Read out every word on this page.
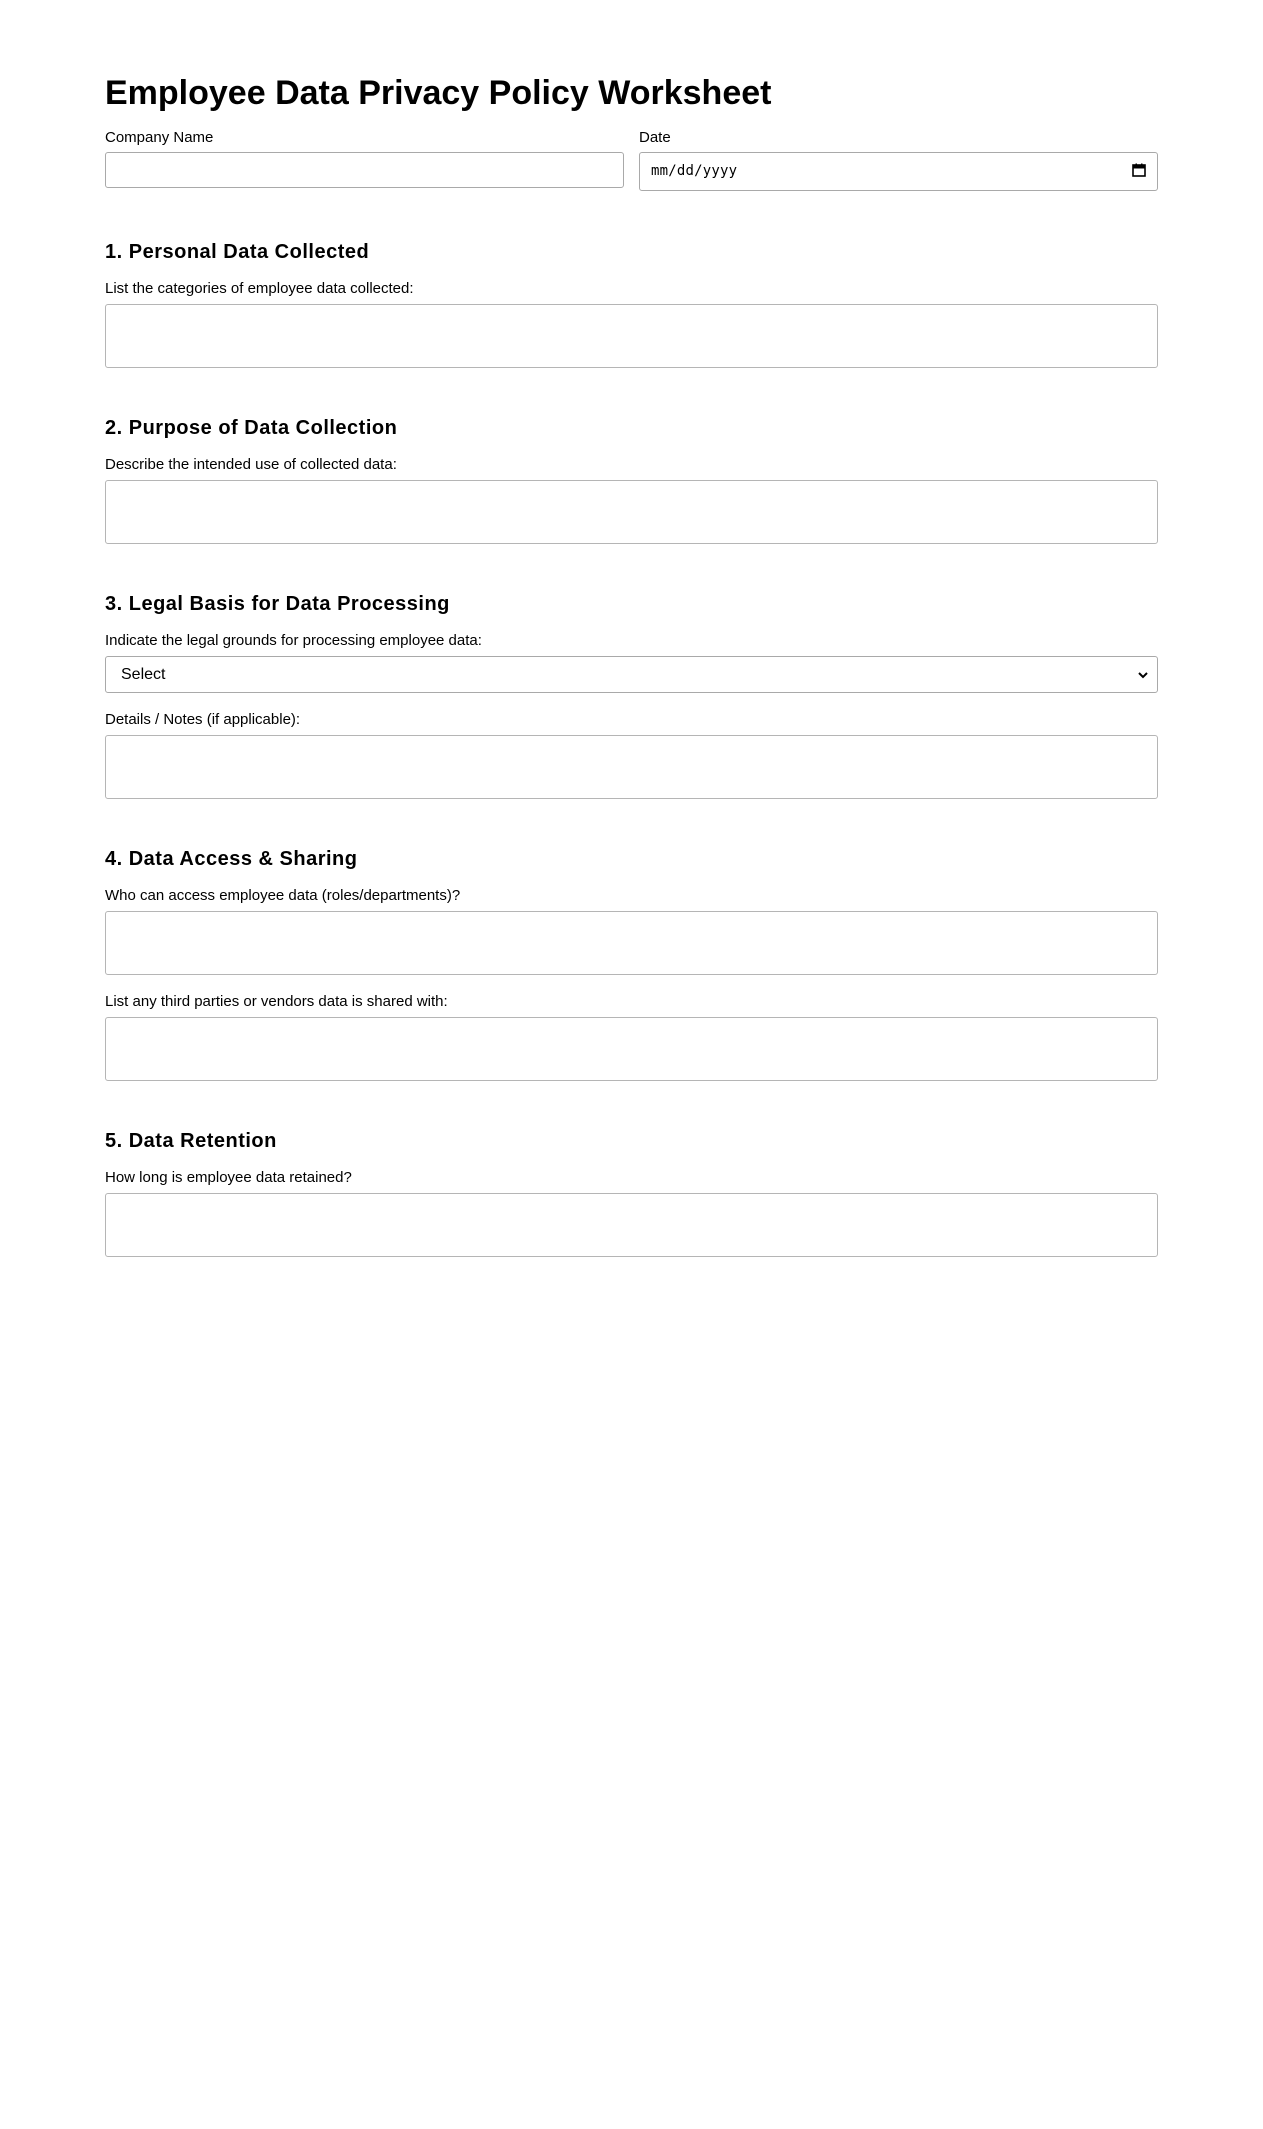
Employee Data Privacy Policy Worksheet
Company Name	Date
mm/dd/yyyy
1. Personal Data Collected
List the categories of employee data collected:
2. Purpose of Data Collection
Describe the intended use of collected data:
3. Legal Basis for Data Processing
Indicate the legal grounds for processing employee data:
Select
Details / Notes (if applicable):
4. Data Access & Sharing
Who can access employee data (roles/departments)?
List any third parties or vendors data is shared with:
5. Data Retention
How long is employee data retained?
